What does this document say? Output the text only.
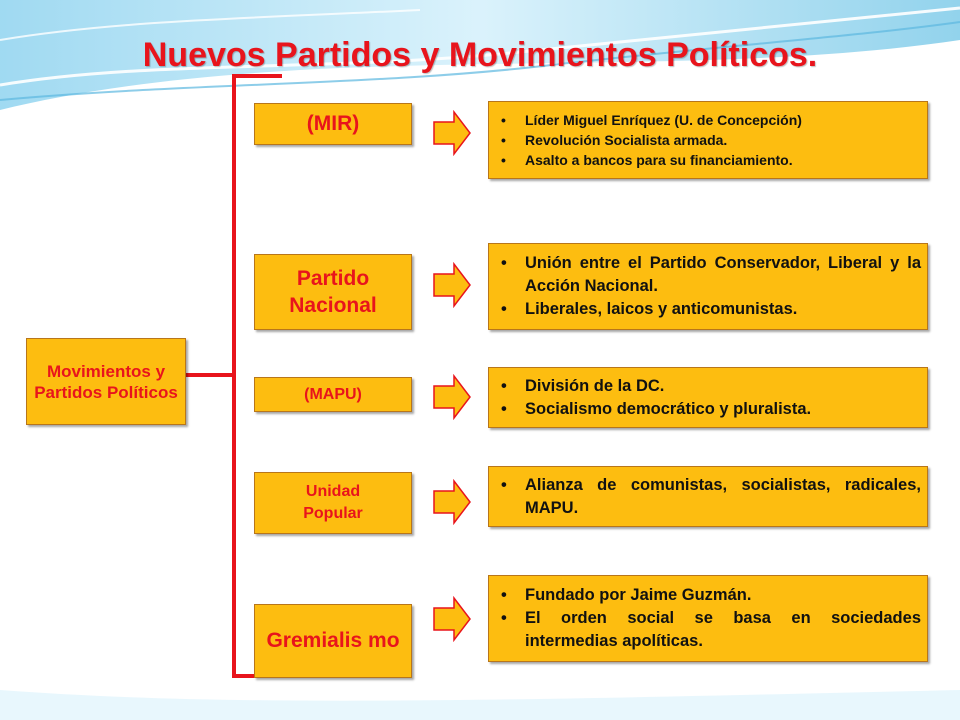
Nuevos Partidos y Movimientos Políticos.
Movimientos y Partidos Políticos
(MIR)	• Líder Miguel Enríquez (U. de Concepción)
• Revolución Socialista armada.
• Asalto a bancos para su financiamiento.
Partido Nacional
• Unión entre el Partido Conservador, Liberal y la Acción Nacional.
• Liberales, laicos y anticomunistas.
(MAPU)	• División de la DC.
• Socialismo democrático y pluralista.
Unidad Popular
• Alianza de comunistas, socialistas, radicales, MAPU.
Gremialis mo
• Fundado por Jaime Guzmán.
• El orden social se basa en sociedades intermedias apolíticas.
